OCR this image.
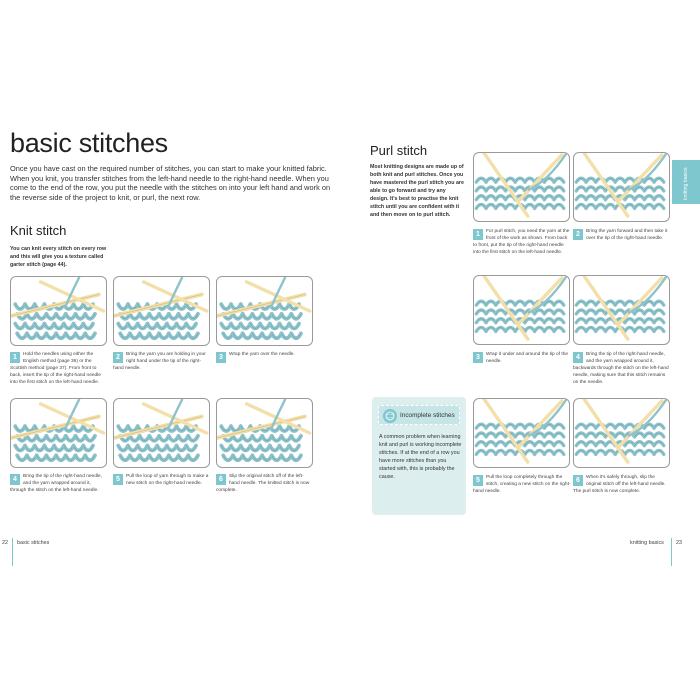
basic stitches
Once you have cast on the required number of stitches, you can start to make your knitted fabric. When you knit, you transfer stitches from the left-hand needle to the right-hand needle. When you come to the end of the row, you put the needle with the stitches on into your left hand and work on the reverse side of the project to knit, or purl, the next row.
Knit stitch
You can knit every stitch on every row and this will give you a texture called garter stitch (page 44).
1	Hold the needles using either the English method (page 36) or the Scottish method (page 37). From front to back, insert the tip of the right-hand needle into the first stitch on the left-hand needle.
2	Bring the yarn you are holding in your right hand under the tip of the right-hand needle.
3	Wrap the yarn over the needle.
4	Bring the tip of the right-hand needle, and the yarn wrapped around it, through the stitch on the left-hand needle.
5	Pull the loop of yarn through to make a new stitch on the right-hand needle.
6	Slip the original stitch off of the left-hand needle. The knitted stitch is now complete.
22 basic stitches
Purl stitch
Most knitting designs are made up of both knit and purl stitches. Once you have mastered the purl stitch you are able to go forward and try any design. It's best to practise the knit stitch until you are confident with it and then move on to purl stitch.
knitting basics
1	For purl stitch, you need the yarn at the front of the work as shown. From back to front, put the tip of the right-hand needle into the first stitch on the left-hand needle.
2	Bring the yarn forward and then take it over the tip of the right-hand needle.
3	Wrap it under and around the tip of the needle.
4	Bring the tip of the right-hand needle, and the yarn wrapped around it, backwards through the stitch on the left-hand needle, making sure that this stitch remains on the needle.
Incomplete stitches
A common problem when learning knit and purl is working incomplete stitches. If at the end of a row you have more stitches than you started with, this is probably the cause.	5	Pull the loop completely through the stitch, creating a new stitch on the right-hand needle.
6	When it's safely through, slip the original stitch off the left-hand needle. The purl stitch is now complete.
knitting basics 23
